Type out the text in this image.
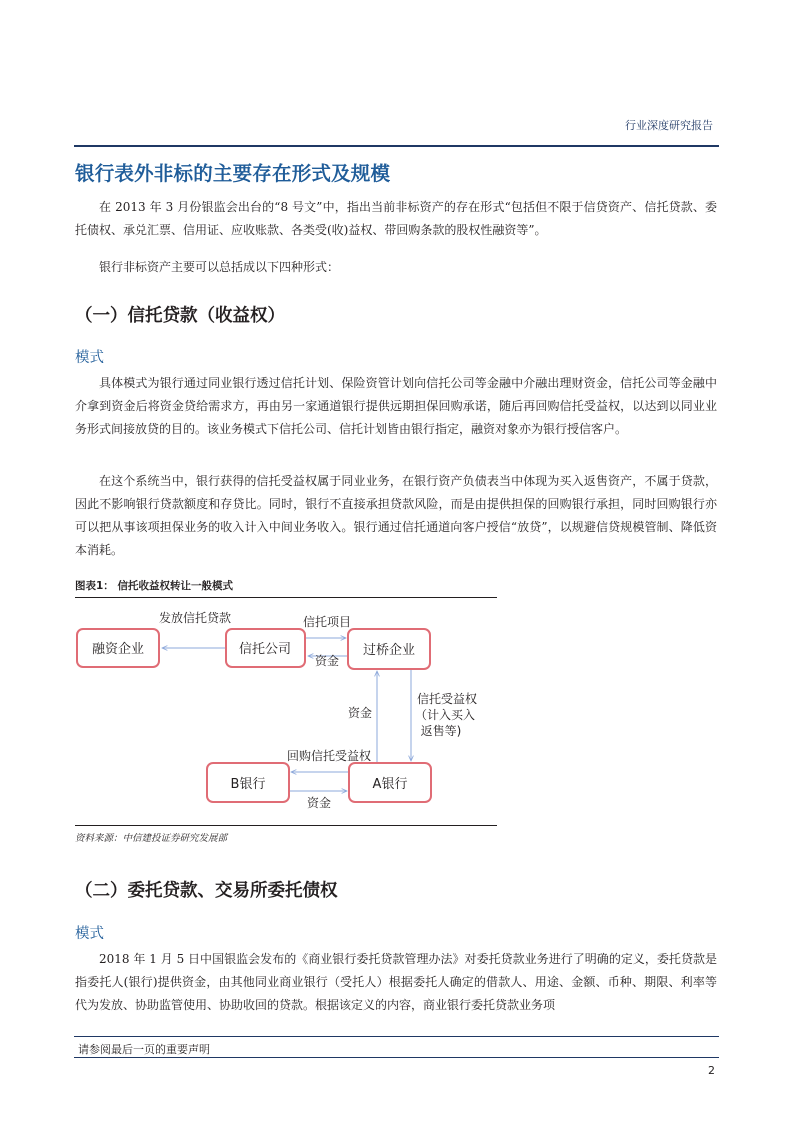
行业深度研究报告
银行表外非标的主要存在形式及规模

在 2013 年 3 月份银监会出台的“8 号文”中，指出当前非标资产的存在形式“包括但不限于信贷资产、信托贷款、委托债权、承兑汇票、信用证、应收账款、各类受(收)益权、带回购条款的股权性融资等”。

银行非标资产主要可以总括成以下四种形式：

（一）信托贷款（收益权）
模式

具体模式为银行通过同业银行透过信托计划、保险资管计划向信托公司等金融中介融出理财资金，信托公司等金融中介拿到资金后将资金贷给需求方，再由另一家通道银行提供远期担保回购承诺，随后再回购信托受益权，以达到以同业业务形式间接放贷的目的。该业务模式下信托公司、信托计划皆由银行指定，融资对象亦为银行授信客户。

在这个系统当中，银行获得的信托受益权属于同业业务，在银行资产负债表当中体现为买入返售资产，不属于贷款，因此不影响银行贷款额度和存贷比。同时，银行不直接承担贷款风险，而是由提供担保的回购银行承担，同时回购银行亦可以把从事该项担保业务的收入计入中间业务收入。银行通过信托通道向客户授信“放贷”，以规避信贷规模管制、降低资本消耗。

图表1： 信托收益权转让一般模式
融资企业	信托公司	过桥企业
B银行	A银行
发放信托贷款	信托项目
资金
资金
信托受益权
（计入买入
返售等)
回购信托受益权
资金
资料来源：中信建投证券研究发展部
（二）委托贷款、交易所委托债权
模式

2018 年 1 月 5 日中国银监会发布的《商业银行委托贷款管理办法》对委托贷款业务进行了明确的定义，委托贷款是指委托人(银行)提供资金，由其他同业商业银行（受托人）根据委托人确定的借款人、用途、金额、币种、期限、利率等代为发放、协助监管使用、协助收回的贷款。根据该定义的内容，商业银行委托贷款业务项

请参阅最后一页的重要声明
2
